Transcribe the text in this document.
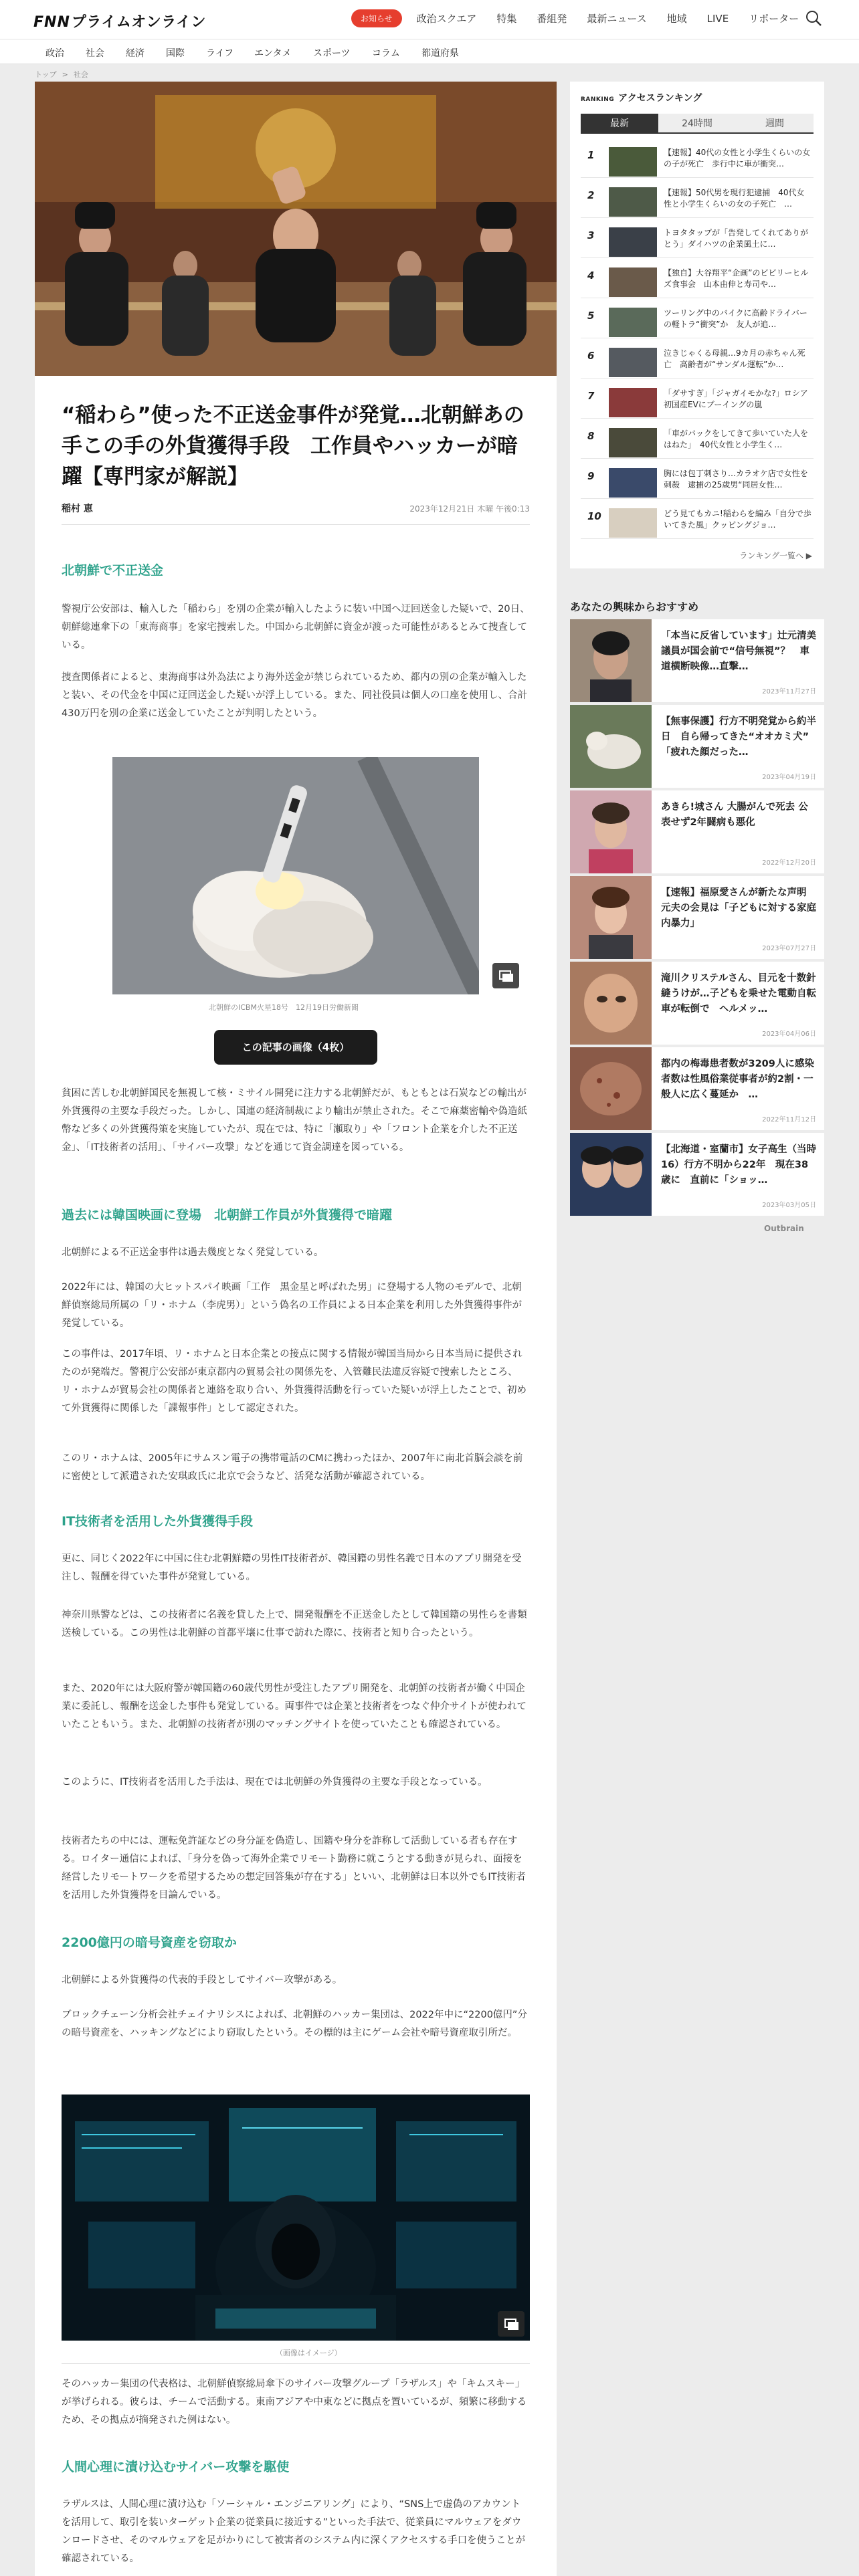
FNNプライムオンライン	お知らせ	政治スクエア 特集 番組発 最新ニュース 地域 LIVE リポーター
政治 社会 経済 国際 ライフ エンタメ スポーツ コラム 都道府県
トップ > 社会
“稲わら”使った不正送金事件が発覚…北朝鮮あの手この手の外貨獲得手段　工作員やハッカーが暗躍【専門家が解説】
稲村 恵	2023年12月21日 木曜 午後0:13
北朝鮮で不正送金
警視庁公安部は、輸入した「稲わら」を別の企業が輸入したように装い中国へ迂回送金した疑いで、20日、朝鮮総連傘下の「東海商事」を家宅捜索した。中国から北朝鮮に資金が渡った可能性があるとみて捜査している。
捜査関係者によると、東海商事は外為法により海外送金が禁じられているため、都内の別の企業が輸入したと装い、その代金を中国に迂回送金した疑いが浮上している。また、同社役員は個人の口座を使用し、合計430万円を別の企業に送金していたことが判明したという。
北朝鮮のICBM火星18号　12月19日労働新聞
この記事の画像（4枚）
貧困に苦しむ北朝鮮国民を無視して核・ミサイル開発に注力する北朝鮮だが、もともとは石炭などの輸出が外貨獲得の主要な手段だった。しかし、国連の経済制裁により輸出が禁止された。そこで麻薬密輸や偽造紙幣など多くの外貨獲得策を実施していたが、現在では、特に「瀬取り」や「フロント企業を介した不正送金」、「IT技術者の活用」、「サイバー攻撃」などを通じて資金調達を図っている。
過去には韓国映画に登場　北朝鮮工作員が外貨獲得で暗躍
北朝鮮による不正送金事件は過去幾度となく発覚している。
2022年には、韓国の大ヒットスパイ映画「工作　黒金星と呼ばれた男」に登場する人物のモデルで、北朝鮮偵察総局所属の「リ・ホナム（李虎男）」という偽名の工作員による日本企業を利用した外貨獲得事件が発覚している。
この事件は、2017年頃、リ・ホナムと日本企業との接点に関する情報が韓国当局から日本当局に提供されたのが発端だ。警視庁公安部が東京都内の貿易会社の関係先を、入管難民法違反容疑で捜索したところ、リ・ホナムが貿易会社の関係者と連絡を取り合い、外貨獲得活動を行っていた疑いが浮上したことで、初めて外貨獲得に関係した「諜報事件」として認定された。
このリ・ホナムは、2005年にサムスン電子の携帯電話のCMに携わったほか、2007年に南北首脳会談を前に密使として派遣された安琪政氏に北京で会うなど、活発な活動が確認されている。
IT技術者を活用した外貨獲得手段
更に、同じく2022年に中国に住む北朝鮮籍の男性IT技術者が、韓国籍の男性名義で日本のアプリ開発を受注し、報酬を得ていた事件が発覚している。
神奈川県警などは、この技術者に名義を貸した上で、開発報酬を不正送金したとして韓国籍の男性らを書類送検している。この男性は北朝鮮の首都平壌に仕事で訪れた際に、技術者と知り合ったという。
また、2020年には大阪府警が韓国籍の60歳代男性が受注したアプリ開発を、北朝鮮の技術者が働く中国企業に委託し、報酬を送金した事件も発覚している。両事件では企業と技術者をつなぐ仲介サイトが使われていたこともいう。また、北朝鮮の技術者が別のマッチングサイトを使っていたことも確認されている。
このように、IT技術者を活用した手法は、現在では北朝鮮の外貨獲得の主要な手段となっている。
技術者たちの中には、運転免許証などの身分証を偽造し、国籍や身分を詐称して活動している者も存在する。ロイター通信によれば、「身分を偽って海外企業でリモート勤務に就こうとする動きが見られ、面接を経営したリモートワークを希望するための想定回答集が存在する」といい、北朝鮮は日本以外でもIT技術者を活用した外貨獲得を目論んでいる。
2200億円の暗号資産を窃取か
北朝鮮による外貨獲得の代表的手段としてサイバー攻撃がある。
ブロックチェーン分析会社チェイナリシスによれば、北朝鮮のハッカー集団は、2022年中に“2200億円”分の暗号資産を、ハッキングなどにより窃取したという。その標的は主にゲーム会社や暗号資産取引所だ。
（画像はイメージ）
そのハッカー集団の代表格は、北朝鮮偵察総局傘下のサイバー攻撃グループ「ラザルス」や「キムスキー」が挙げられる。彼らは、チームで活動する。東南アジアや中東などに拠点を置いているが、頻繁に移動するため、その拠点が摘発された例はない。
人間心理に漬け込むサイバー攻撃を駆使
ラザルスは、人間心理に漬け込む「ソーシャル・エンジニアリング」により、“SNS上で虚偽のアカウントを活用して、取引を装いターゲット企業の従業員に接近する”といった手法で、従業員にマルウェアをダウンロードさせ、そのマルウェアを足がかりにして被害者のシステム内に深くアクセスする手口を使うことが確認されている。
RANKING アクセスランキング
最新	24時間	週間
1	【速報】40代の女性と小学生くらいの女の子が死亡　歩行中に車が衝突…
2	【速報】50代男を現行犯逮捕　40代女性と小学生くらいの女の子死亡　…
3	トヨタタップが「告発してくれてありがとう」ダイハツの企業風土に…
4	【独自】大谷翔平“企画”のビビリーヒルズ食事会　山本由伸と寿司や…
5	ツーリング中のバイクに高齢ドライバーの軽トラ“衝突”か　友人が追…
6	泣きじゃくる母親…9カ月の赤ちゃん死亡　高齢者が“サンダル運転”か…
7	「ダサすぎ」「ジャガイモかな?」ロシア初国産EVにブーイングの嵐
8	「車がバックをしてきて歩いていた人をはねた」　40代女性と小学生く…
9	胸には包丁刺さり…カラオケ店で女性を刺殺　逮捕の25歳男“同居女性…
10	どう見てもカニ!稲わらを編み「自分で歩いてきた風」クッピングジョ…
ランキング一覧へ ▶
あなたの興味からおすすめ
「本当に反省しています」辻元清美議員が国会前で“信号無視”？　車道横断映像…直撃…
2023年11月27日
【無事保護】行方不明発覚から約半日　自ら帰ってきた“オオカミ犬”　「疲れた顔だった…
2023年04月19日
あきら!城さん 大腸がんで死去 公表せず2年闘病も悪化
2022年12月20日
【速報】福原愛さんが新たな声明　元夫の会見は「子どもに対する家庭内暴力」
2023年07月27日
滝川クリステルさん、目元を十数針縫うけが…子どもを乗せた電動自転車が転倒で　ヘルメッ…
2023年04月06日
都内の梅毒患者数が3209人に感染者数は性風俗業従事者が約2割・一般人に広く蔓延か　…
2022年11月12日
【北海道・室蘭市】女子高生（当時16）行方不明から22年　現在38歳に　直前に「ショッ…
2023年03月05日
Outbrain
